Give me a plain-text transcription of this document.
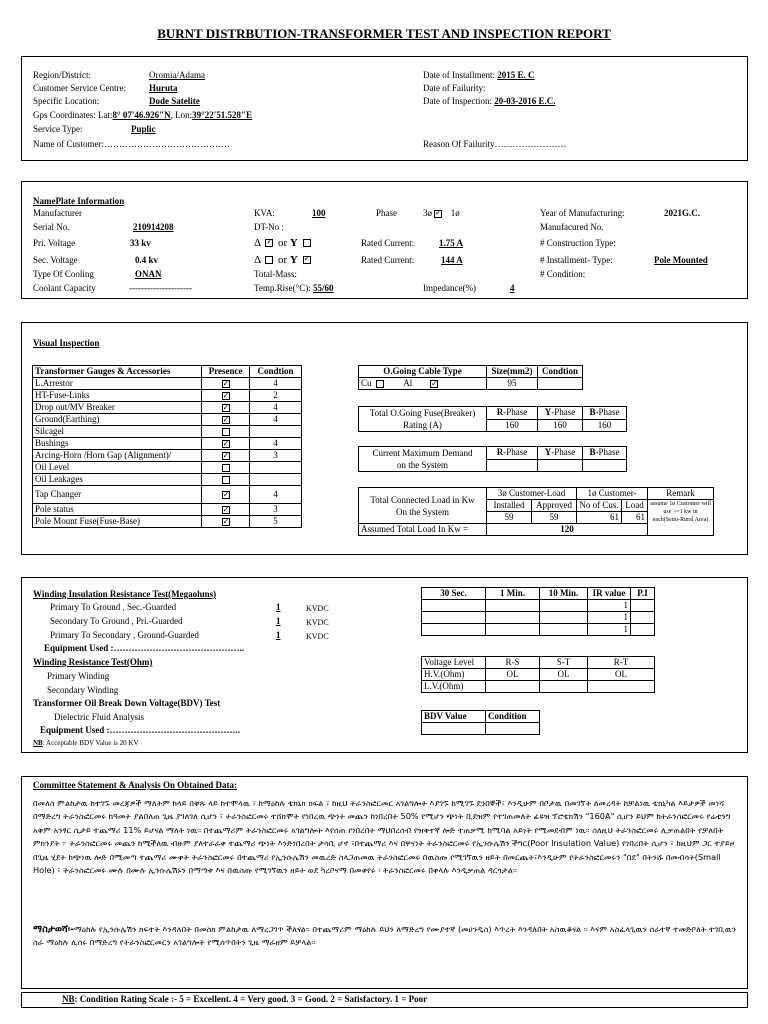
BURNT DISTRBUTION-TRANSFORMER TEST AND INSPECTION REPORT
Region/District:	Oromia/Adama
Customer Service Centre:	Huruta
Specific Location:	Dode Satelite
Gps Coordinates: Lat:8° 07'46.926"N, Lon:39°22'51.528"E
Service Type:	Puplic
Name of Customer:……………………………………
Date of Installment: 2015 E. C
Date of Failurity:
Date of Inspection: 20-03-2016 E.C.
Reason Of Failurity……………………
NamePlate Information
Manufacturer
Serial No.	210914208
Pri. Voltage	33 kv
Sec. Voltage	0.4 kv
Type Of Cooling	ONAN
Coolant Capacity	---------------------
KVA:	100
DT-No :
Δ ✓ or Y
Δ or Y ✓
Total-Mass:
Temp.Rise(°C): 55/60
Phase	3ø ✓ 1ø
Rated Current:	1.75 A
Rated Current:	144 A
Impedance(%)	4
Year of Manufacturing:	2021G.C.
Manufacured No.
# Construction Type:
# Installment- Type:	Pole Mounted
# Condition:
Visual Inspection
Transformer Gauges & Accessories	Presence	Condtion
L.Arrestor	✓	4
HT-Fuse-Links	✓	2
Drop out/MV Breaker	✓	4
Ground(Earthing)	✓	4
Silcagel		
Bushings	✓	4
Arcing-Horn /Horn Gap (Alignment)/	✓	3
Oil Level		
Oil Leakages		
Tap Changer	✓	4
Pole status	✓	3
Pole Mount Fuse(Fuse-Base)	✓	5
O.Going Cable Type	Size(mm2)	Condtion
Cu Al       ✓	95	
Total O.Going Fuse(Breaker)
Rating (A)	R-Phase	Y-Phase	B-Phase
	160	160	160
Current Maximum Demand
on the System	R-Phase	Y-Phase	B-Phase

Total Connected Load in Kw
On the System	3ø Customer-Load		1ø Customer-		Remark
	Installed	Approved	No of Cus.	Load	assume 1ø Customer will use >=1 kw in each(Semi-Rural Area)
	59	59	61	61	
Assumed Total Load In Kw =	120				
Winding Insulation Resistance Test(Megaohms)
Primary To Ground , Sec.-Guarded	1	KVDC
Secondary To Ground , Pri.-Guarded	1	KVDC
Primary To Secondary , Ground-Guarded	1	KVDC
Equipment Used :……………………………………..
Winding Resistance Test(Ohm)
Primary Winding
Secondary Winding
Transformer Oil Break Down Voltage(BDV) Test
Dielectric Fluid Analysis
Equipment Used :……………………………………..
NB: Acceptable BDV Value is 20 KV
30 Sec.	1 Min.	10 Min.	IR value	P.I
			1	
			1	
			1	
Voltage Level	R-S	S-T	R-T
H.V.(Ohm)	OL	OL	OL
L.V.(Ohm)			
BDV Value	Condition

Committee Statement & Analysis On Obtained Data:
በመለስ ምልከታዉ ከተገኙ መረጃዎች ማለትም ከላይ በቅጹ ላይ ከተሞላዉ ፣ ከማዕከሉ ቴክኒክ ክፍል ፣ ከዚህ ትራንስፎርመር አገልግሎት እያገኙ ከሚገኙ ደንበኞች፣ እንዲሁም በቦታዉ በመገኘት ለመረዳት ከቻልነዉ ቴክኒካል እይታዎች መነሻ በማድረግ ትራንስፎርመሩ ከዓመት ያልበለጠ ጊዜ ያገለገለ ሲሆን ፣ ትራንስፎርመሩ ተሸክሞት የነበረዉ ጭነት መጨን ከነበረበት 50% የሚሆን ጭነት ቢደዝም የተገጠመለት ፊዩዝ ፕሮቴክሽን "160A" ሲሆን ይህም ከትራንስፎርመሩ የሬቲንግ አቅም አንፃር ሲታይ ተጨማሪ 11% ይሆናል ማለት ነዉ፡፡ በተጨማሪም ትራንስፎርመሩ አገልግሎት እየሰጠ የነበረበት ማህበረሰብ የዝቅተኛ ሎድ ተጠቃሚ ከሚባል አይነት የሚመደብም ነዉ፡፡ ስለዚህ ትራንስፎርመሩ ሊቃጠልበት የቻለበት ምክንያት ፦ ትራንስፎርመሩ መጨን ከሚችለዉ ብዙም ያለተራራቀ ተጨማሪ ጭነት እንድነበረበት ታሳቢ ሆኖ ፣በተጨማሪ እና በዋናነት ትራንስፎርመሩ የኢንሱሌሽን ችግር(Poor Insulation Value) የነበረበት ሲሆን ፣ ከዚህም ጋር ተያይዞ በጊዜ ሂደት ከጭነዉ ሎድ በሚመጣ ተጨማሪ ሙቀት ትራንስፎርመሩ በተጨማሪ የኢንሱሌሽን መዉረድ ስላጋጠመዉ ትራንስፎርመሩ በዉስጡ የሚገኘዉን ዘይት በመርጨት፣እንዲሁም የትራንስፎርመሩን "በደ" በትንሹ በመብሳት(Small Hole) ፣ ትራንስፎርመሩ ሙሉ በሙሉ ኢንሱሌሽኑን በማጣቱ እና በዉስጡ የሚገኘዉን ዘይት ወደ ካረቦናማ በመቀየሩ ፡ ትራንስፎርመሩ በቀላሉ እንዲቃጠል ዳርጎታል፡፡
ማስታወሻ፡-ማዕከሉ የኢንሱሌሽን ክፍተት እንዳለበት በመስክ ምልከታዉ ለማረጋገጥ ችለናል፡፡ በተጨማሪም ማዕከሉ ይህን ለማድረግ የሙያተኛ (መሀንዲስ) እጥረት እንዳለበት አስዉቆናል ፡፡ እናም አስፈላጊዉን ሰራተኛ ተመድቦለት ተገቢዉን ስራ ማዕከሉ ሊሰሩ በማድረግ የትራንስፎርመርን አገልግሎት የሚሰጥበትን ጊዜ ማራዘም ይቻላል፡፡
NB: Condition Rating Scale :- 5 = Excellent. 4 = Very good. 3 = Good. 2 = Satisfactory. 1 = Poor
